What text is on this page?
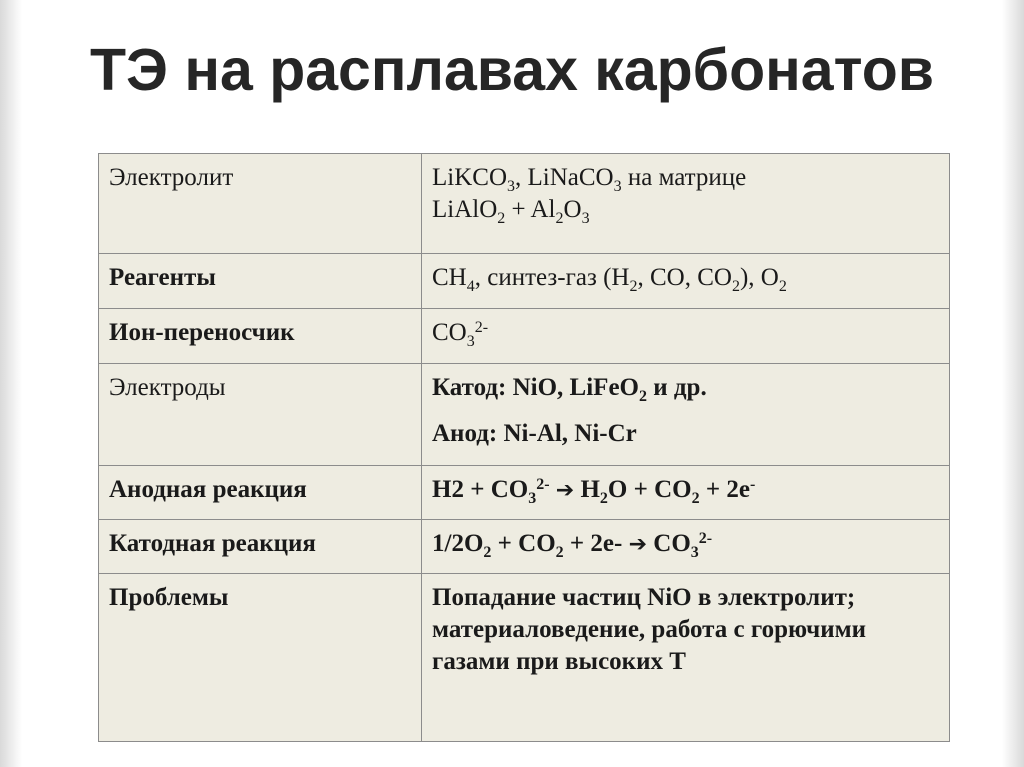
ТЭ на расплавах карбонатов
Электролит	LiKCO$_3$, LiNaCO$_3$ на матрице
LiAlO$_2$ + $Al_2O_3$

Реагенты	$CH_4$, синтез-газ ($H_2$, CO, $CO_2$), $O_2$
Ион-переносчик	$CO_3^{2-}$
Электроды	Катод: NiO, LiFeO$_2$ и др.
Анод: Ni-Al, Ni-Cr

Анодная реакция	$H2 + CO_3^{2-}$ ➔ $H_2O + CO_2 + 2e^-$
Катодная реакция	$1/2O_2 + CO_2 + 2e-$ ➔ $CO_3^{2-}$
Проблемы	Попадание частиц NiO в электролит; материаловедение, работа с горючими газами при высоких T
